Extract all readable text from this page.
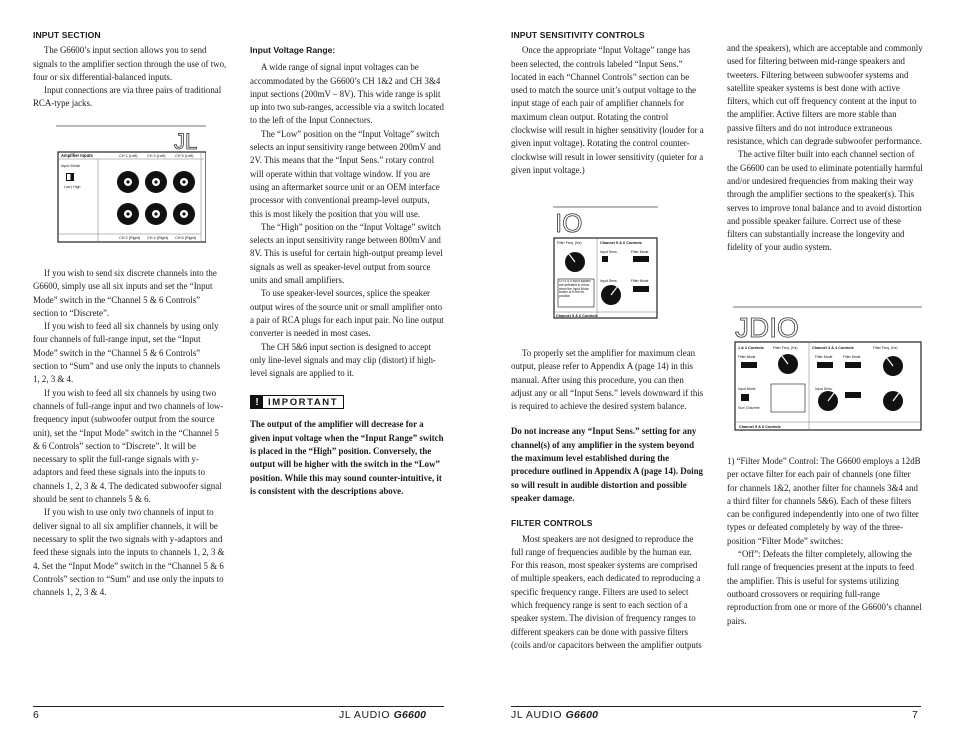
INPUT SECTION

The G6600’s input section allows you to send signals to the amplifier section through the use of two, four or six differential-balanced inputs.

Input connections are via three pairs of traditional RCA-type jacks.

JL
Amplifier Inputs
Input Mode
Low | High
CH 1 (Left) CH 3 (Left) CH 5 (Left)
CH 2 (Right) CH 4 (Right) CH 6 (Right)

If you wish to send six discrete channels into the G6600, simply use all six inputs and set the “Input Mode” switch in the “Channel 5 & 6 Controls” section to “Discrete”.

If you wish to feed all six channels by using only four channels of full-range input, set the “Input Mode” switch in the “Channel 5 & 6 Controls” section to “Sum” and use only the inputs to channels 1, 2, 3 & 4.

If you wish to feed all six channels by using two channels of full-range input and two channels of low-frequency input (subwoofer output from the source unit), set the “Input Mode” switch in the “Channel 5 & 6 Controls” section to “Discrete”. It will be necessary to split the full-range signals with y-adaptors and feed these signals into the inputs to channels 1, 2, 3 & 4. The dedicated subwoofer signal should be sent to channels 5 & 6.

If you wish to use only two channels of input to deliver signal to all six amplifier channels, it will be necessary to split the two signals with y-adaptors and feed these signals into the inputs to channels 1, 2, 3 & 4. Set the “Input Mode” switch in the “Channel 5 & 6 Controls” section to “Sum” and use only the inputs to channels 1, 2, 3 & 4.

Input Voltage Range:

A wide range of signal input voltages can be accommodated by the G6600’s CH 1&2 and CH 3&4 input sections (200mV – 8V). This wide range is split up into two sub-ranges, accessible via a switch located to the left of the Input Connectors.

The “Low” position on the “Input Voltage” switch selects an input sensitivity range between 200mV and 2V. This means that the “Input Sens.” rotary control will operate within that voltage window. If you are using an aftermarket source unit or an OEM interface processor with conventional preamp-level outputs, this is most likely the position that you will use.

The “High” position on the “Input Voltage” switch selects an input sensitivity range between 800mV and 8V. This is useful for certain high-output preamp level signals as well as speaker-level output from source units and small amplifiers.

To use speaker-level sources, splice the speaker output wires of the source unit or small amplifier onto a pair of RCA plugs for each input pair. No line output converter is needed in most cases.

The CH 5&6 input section is designed to accept only line-level signals and may clip (distort) if high-level signals are applied to it.

! IMPORTANT

The output of the amplifier will decrease for a given input voltage when the “Input Range” switch is placed in the “High” position. Conversely, the output will be higher with the switch in the “Low” position. While this may sound counter-intuitive, it is consistent with the descriptions above.

6	JL AUDIO G6600
INPUT SENSITIVITY CONTROLS

Once the appropriate “Input Voltage” range has been selected, the controls labeled “Input Sens.” located in each “Channel Controls” section can be used to match the source unit’s output voltage to the input stage of each pair of amplifier channels for maximum clean output. Rotating the control clockwise will result in higher sensitivity (louder for a given input voltage). Rotating the control counter-clockwise will result in lower sensitivity (quieter for a given input voltage.)

IO
Filter Freq. (Hz)	Channel 5 & 6 Controls
Input Sens.	Filter Mode
CH 5 & 6 input signals are defeated in mono when the Input Mode switch is in the on position
Input Sens.	Filter Mode
Channel 5 & 6 Controls

To properly set the amplifier for maximum clean output, please refer to Appendix A (page 14) in this manual. After using this procedure, you can then adjust any or all “Input Sens.” levels downward if this is required to achieve the desired system balance.

Do not increase any “Input Sens.” setting for any channel(s) of any amplifier in the system beyond the maximum level established during the procedure outlined in Appendix A (page 14). Doing so will result in audible distortion and possible speaker damage.

FILTER CONTROLS

Most speakers are not designed to reproduce the full range of frequencies audible by the human ear. For this reason, most speaker systems are comprised of multiple speakers, each dedicated to reproducing a specific frequency range. Filters are used to select which frequency range is sent to each section of a speaker system. The division of frequency ranges to different speakers can be done with passive filters (coils and/or capacitors between the amplifier outputs

and the speakers), which are acceptable and commonly used for filtering between mid-range speakers and tweeters. Filtering between subwoofer systems and satellite speaker systems is best done with active filters, which cut off frequency content at the input to the amplifier. Active filters are more stable than passive filters and do not introduce extraneous resistance, which can degrade subwoofer performance.

The active filter built into each channel section of the G6600 can be used to eliminate potentially harmful and/or undesired frequencies from making their way through the amplifier sections to the speaker(s). This serves to improve tonal balance and to avoid distortion and possible speaker failure. Correct use of these filters can substantially increase the longevity and fidelity of your audio system.

JDIO
1 & 2 Controls	Filter Freq. (Hz)	Channel 3 & 4 Controls	Filter Freq. (Hz)
Filter Mode	Filter Mode	Filter Mode
Input Mode
Sum | Discrete
Input Sens.
Channel 5 & 6 Controls

1) “Filter Mode” Control: The G6600 employs a 12dB per octave filter for each pair of channels (one filter for channels 1&2, another filter for channels 3&4 and a third filter for channels 5&6). Each of these filters can be configured independently into one of two filter types or defeated completely by way of the three-position “Filter Mode” switches:

“Off”: Defeats the filter completely, allowing the full range of frequencies present at the inputs to feed the amplifier. This is useful for systems utilizing outboard crossovers or requiring full-range reproduction from one or more of the G6600’s channel pairs.

JL AUDIO G6600	7
